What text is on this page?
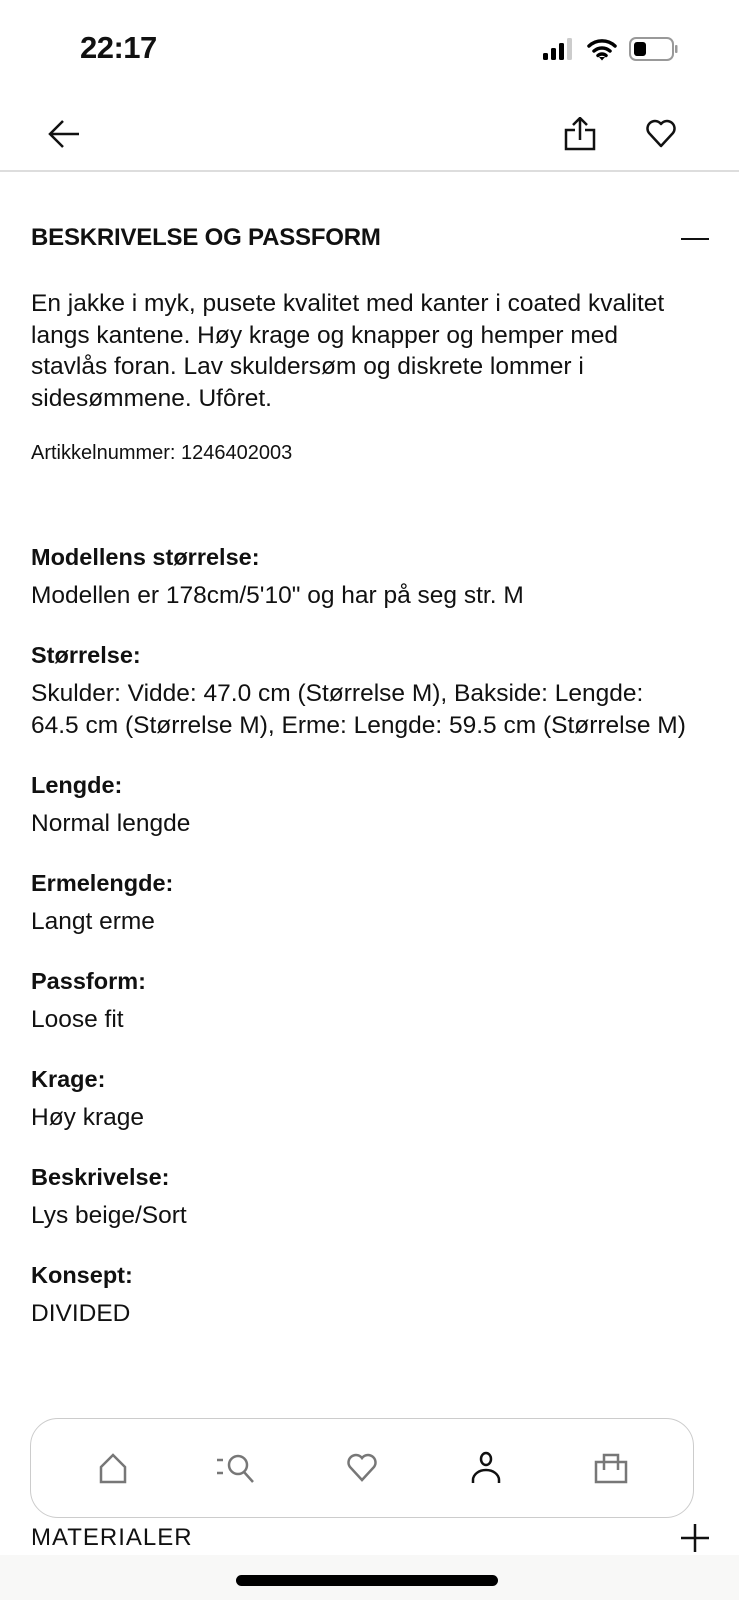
22:17
BESKRIVELSE OG PASSFORM
En jakke i myk, pusete kvalitet med kanter i coated kvalitet langs kantene. Høy krage og knapper og hemper med stavlås foran. Lav skuldersøm og diskrete lommer i sidesømmene. Ufôret.
Artikkelnummer: 1246402003
Modellens størrelse:
Modellen er 178cm/5'10" og har på seg str. M
Størrelse:
Skulder: Vidde: 47.0 cm (Størrelse M), Bakside: Lengde: 64.5 cm (Størrelse M), Erme: Lengde: 59.5 cm (Størrelse M)
Lengde:
Normal lengde
Ermelengde:
Langt erme
Passform:
Loose fit
Krage:
Høy krage
Beskrivelse:
Lys beige/Sort
Konsept:
DIVIDED
MATERIALER
